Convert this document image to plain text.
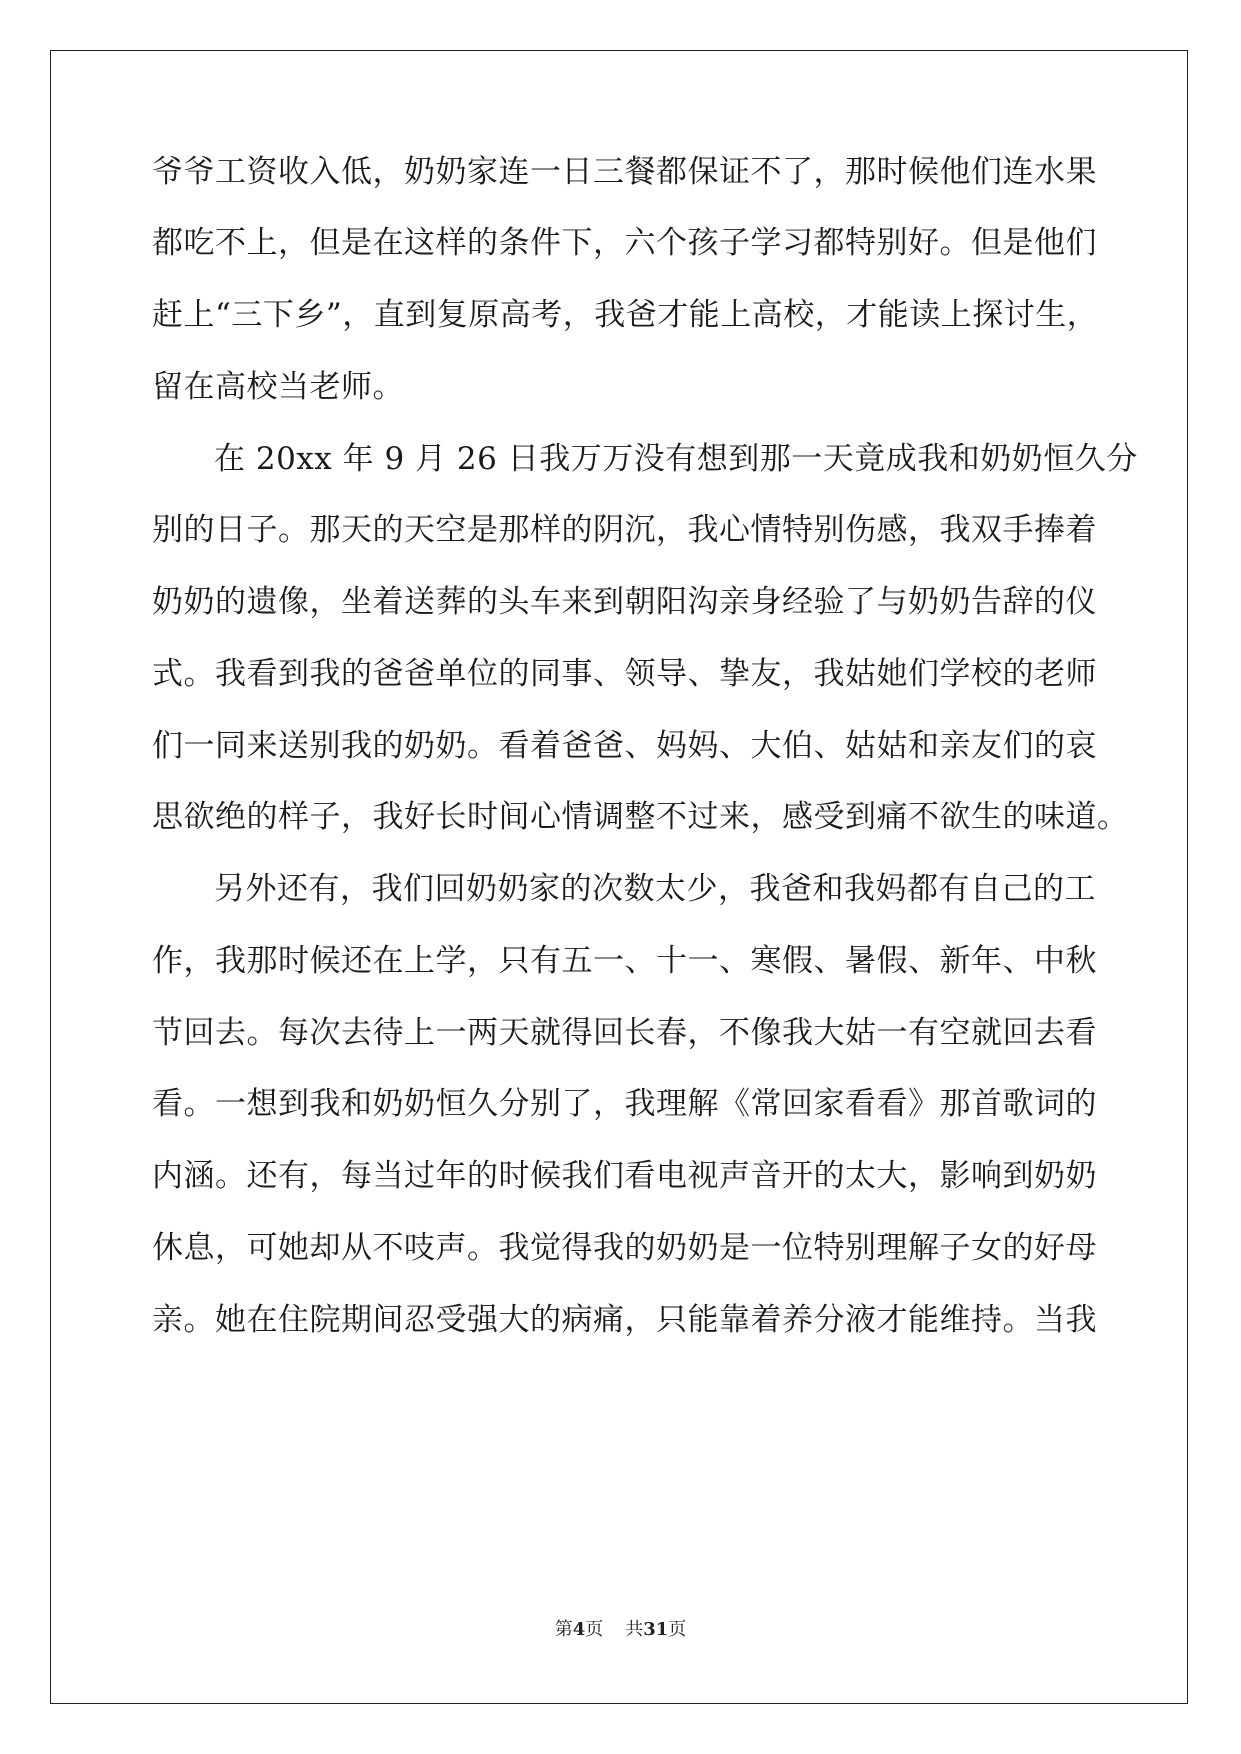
爷爷工资收入低，奶奶家连一日三餐都保证不了，那时候他们连水果
都吃不上，但是在这样的条件下，六个孩子学习都特别好。但是他们
赶上“三下乡”，直到复原高考，我爸才能上高校，才能读上探讨生，
留在高校当老师。
在 20xx 年 9 月 26 日我万万没有想到那一天竟成我和奶奶恒久分
别的日子。那天的天空是那样的阴沉，我心情特别伤感，我双手捧着
奶奶的遗像，坐着送葬的头车来到朝阳沟亲身经验了与奶奶告辞的仪
式。我看到我的爸爸单位的同事、领导、挚友，我姑她们学校的老师
们一同来送别我的奶奶。看着爸爸、妈妈、大伯、姑姑和亲友们的哀
思欲绝的样子，我好长时间心情调整不过来，感受到痛不欲生的味道。
另外还有，我们回奶奶家的次数太少，我爸和我妈都有自己的工
作，我那时候还在上学，只有五一、十一、寒假、暑假、新年、中秋
节回去。每次去待上一两天就得回长春，不像我大姑一有空就回去看
看。一想到我和奶奶恒久分别了，我理解《常回家看看》那首歌词的
内涵。还有，每当过年的时候我们看电视声音开的太大，影响到奶奶
休息，可她却从不吱声。我觉得我的奶奶是一位特别理解子女的好母
亲。她在住院期间忍受强大的病痛，只能靠着养分液才能维持。当我
第4页 共31页
